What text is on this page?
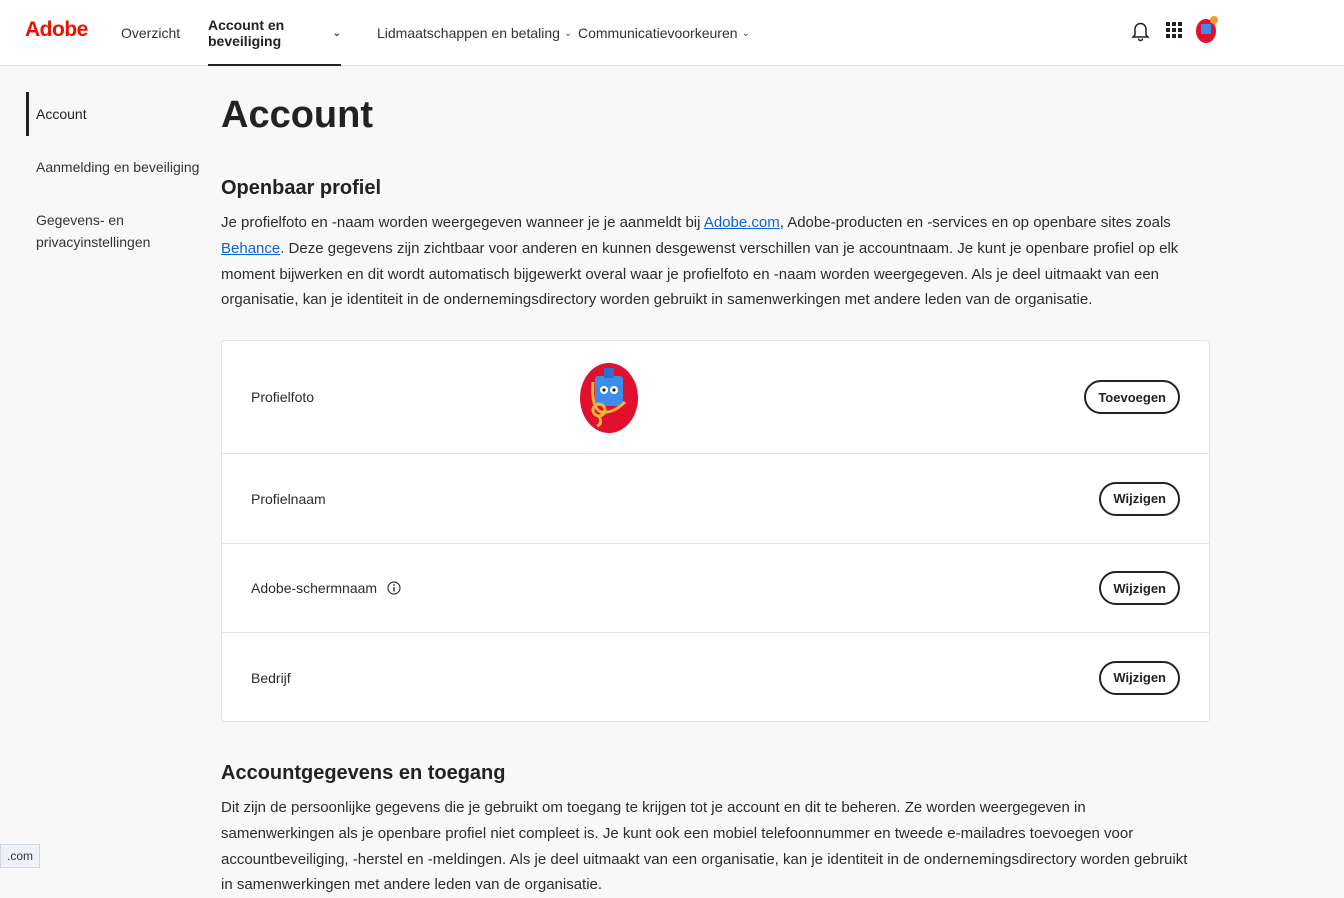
Adobe Overzicht Account en beveiliging	⌄	Lidmaatschappen en betaling ⌄ Communicatievoorkeuren ⌄
Account
Aanmelding en beveiliging
Gegevens- en privacyinstellingen
Account
Openbaar profiel

Je profielfoto en -naam worden weergegeven wanneer je je aanmeldt bij Adobe.com, Adobe-producten en -services en op openbare sites zoals Behance. Deze gegevens zijn zichtbaar voor anderen en kunnen desgewenst verschillen van je accountnaam. Je kunt je openbare profiel op elk moment bijwerken en dit wordt automatisch bijgewerkt overal waar je profielfoto en -naam worden weergegeven. Als je deel uitmaakt van een organisatie, kan je identiteit in de ondernemingsdirectory worden gebruikt in samenwerkingen met andere leden van de organisatie.

Profielfoto	Toevoegen
Profielnaam	Wijzigen
Adobe-schermnaam	Wijzigen
Bedrijf	Wijzigen
Accountgegevens en toegang

Dit zijn de persoonlijke gegevens die je gebruikt om toegang te krijgen tot je account en dit te beheren. Ze worden weergegeven in samenwerkingen als je openbare profiel niet compleet is. Je kunt ook een mobiel telefoonnummer en tweede e-mailadres toevoegen voor accountbeveiliging, -herstel en -meldingen. Als je deel uitmaakt van een organisatie, kan je identiteit in de ondernemingsdirectory worden gebruikt in samenwerkingen met andere leden van de organisatie.

.com
